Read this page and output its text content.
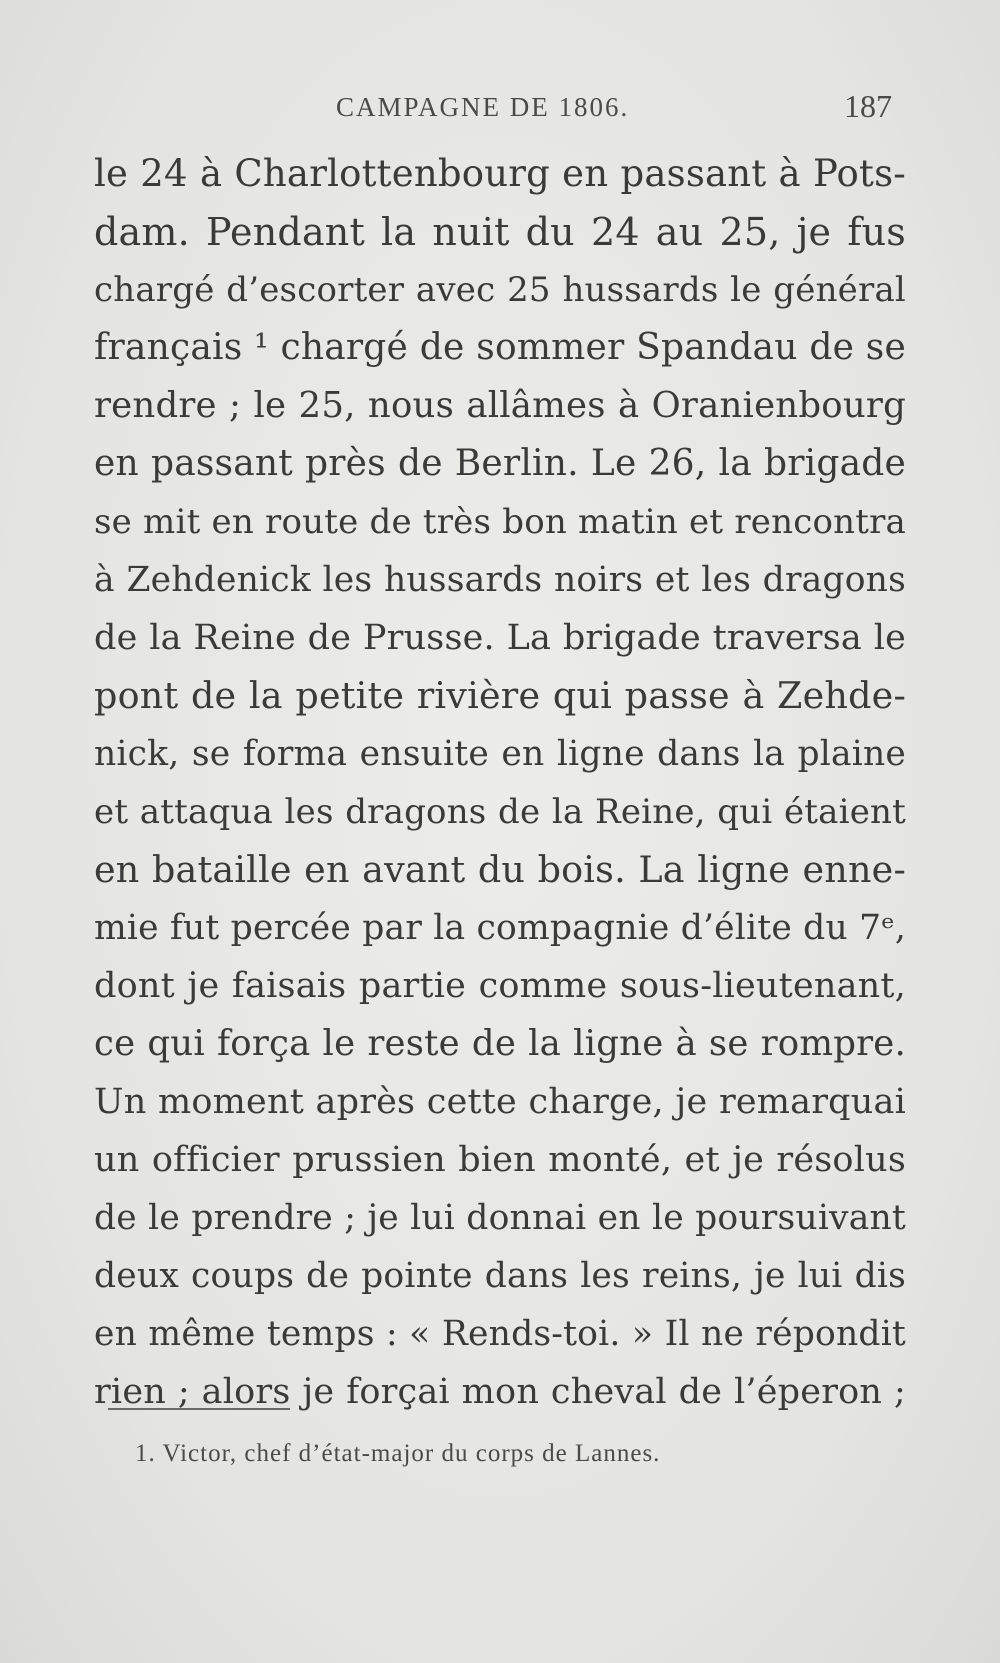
CAMPAGNE DE 1806.	187
le 24 à Charlottenbourg en passant à Pots-
dam. Pendant la nuit du 24 au 25, je fus
chargé d’escorter avec 25 hussards le général
français ¹ chargé de sommer Spandau de se
rendre ; le 25, nous allâmes à Oranienbourg
en passant près de Berlin. Le 26, la brigade
se mit en route de très bon matin et rencontra
à Zehdenick les hussards noirs et les dragons
de la Reine de Prusse. La brigade traversa le
pont de la petite rivière qui passe à Zehde-
nick, se forma ensuite en ligne dans la plaine
et attaqua les dragons de la Reine, qui étaient
en bataille en avant du bois. La ligne enne-
mie fut percée par la compagnie d’élite du 7ᵉ,
dont je faisais partie comme sous-lieutenant,
ce qui força le reste de la ligne à se rompre.
Un moment après cette charge, je remarquai
un officier prussien bien monté, et je résolus
de le prendre ; je lui donnai en le poursuivant
deux coups de pointe dans les reins, je lui dis
en même temps : « Rends-toi. » Il ne répondit
rien ; alors je forçai mon cheval de l’éperon ;
1. Victor, chef d’état-major du corps de Lannes.
